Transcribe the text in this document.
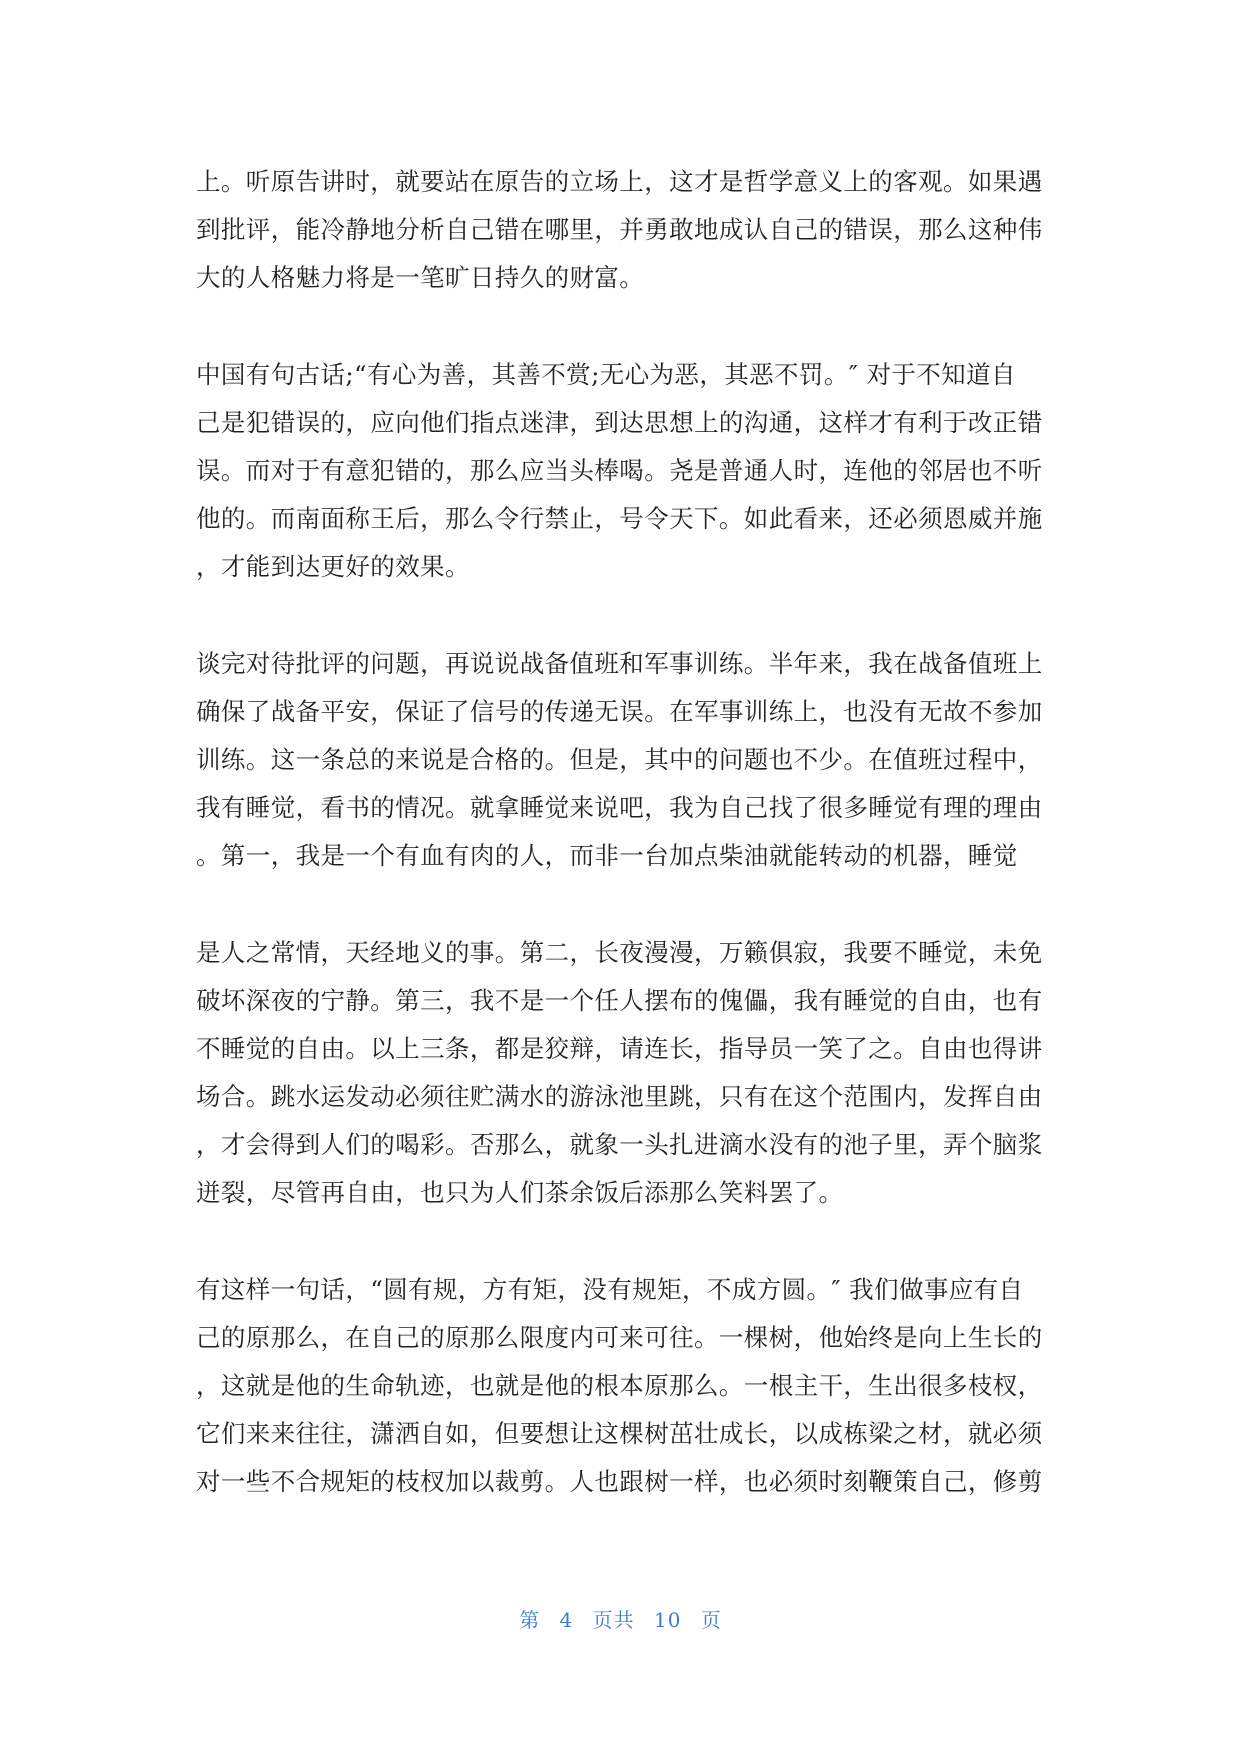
上。听原告讲时，就要站在原告的立场上，这才是哲学意义上的客观。如果遇
到批评，能冷静地分析自己错在哪里，并勇敢地成认自己的错误，那么这种伟
大的人格魅力将是一笔旷日持久的财富。
中国有句古话;“有心为善，其善不赏;无心为恶，其恶不罚。″ 对于不知道自
己是犯错误的，应向他们指点迷津，到达思想上的沟通，这样才有利于改正错
误。而对于有意犯错的，那么应当头棒喝。尧是普通人时，连他的邻居也不听
他的。而南面称王后，那么令行禁止，号令天下。如此看来，还必须恩威并施
，才能到达更好的效果。
谈完对待批评的问题，再说说战备值班和军事训练。半年来，我在战备值班上
确保了战备平安，保证了信号的传递无误。在军事训练上，也没有无故不参加
训练。这一条总的来说是合格的。但是，其中的问题也不少。在值班过程中，
我有睡觉，看书的情况。就拿睡觉来说吧，我为自己找了很多睡觉有理的理由
。第一，我是一个有血有肉的人，而非一台加点柴油就能转动的机器，睡觉
是人之常情，天经地义的事。第二，长夜漫漫，万籁俱寂，我要不睡觉，未免
破坏深夜的宁静。第三，我不是一个任人摆布的傀儡，我有睡觉的自由，也有
不睡觉的自由。以上三条，都是狡辩，请连长，指导员一笑了之。自由也得讲
场合。跳水运发动必须往贮满水的游泳池里跳，只有在这个范围内，发挥自由
，才会得到人们的喝彩。否那么，就象一头扎进滴水没有的池子里，弄个脑浆
迸裂，尽管再自由，也只为人们茶余饭后添那么笑料罢了。
有这样一句话，“圆有规，方有矩，没有规矩，不成方圆。″ 我们做事应有自
己的原那么，在自己的原那么限度内可来可往。一棵树，他始终是向上生长的
，这就是他的生命轨迹，也就是他的根本原那么。一根主干，生出很多枝杈，
它们来来往往，潇洒自如，但要想让这棵树茁壮成长，以成栋梁之材，就必须
对一些不合规矩的枝杈加以裁剪。人也跟树一样，也必须时刻鞭策自己，修剪
第 4 页共 10 页
